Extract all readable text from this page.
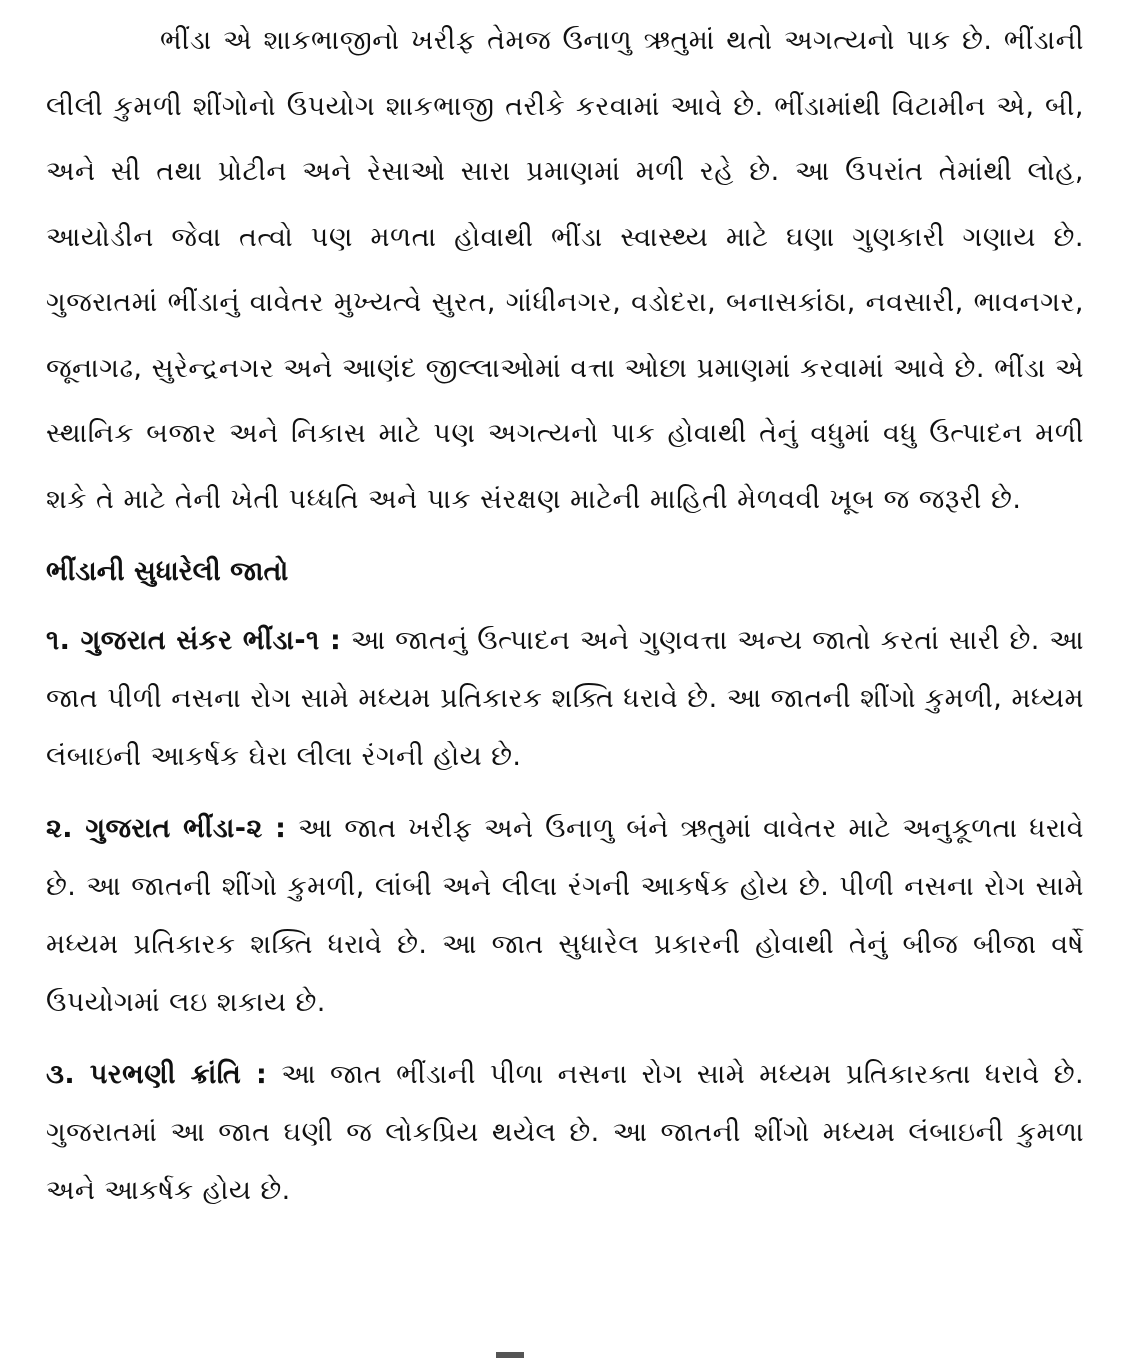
ભીંડા એ શાકભાજીનો ખરીફ તેમજ ઉનાળુ ઋતુમાં થતો અગત્યનો પાક છે. ભીંડાની લીલી કુમળી શીંગોનો ઉપયોગ શાકભાજી તરીકે કરવામાં આવે છે. ભીંડામાંથી વિટામીન એ, બી, અને સી તથા પ્રોટીન અને રેસાઓ સારા પ્રમાણમાં મળી રહે છે. આ ઉપરાંત તેમાંથી લોહ, આયોડીન જેવા તત્વો પણ મળતા હોવાથી ભીંડા સ્વાસ્થ્ય માટે ઘણા ગુણકારી ગણાય છે. ગુજરાતમાં ભીંડાનું વાવેતર મુખ્યત્વે સુરત, ગાંધીનગર, વડોદરા, બનાસકાંઠા, નવસારી, ભાવનગર, જૂનાગઢ, સુરેન્દ્રનગર અને આણંદ જીલ્લાઓમાં વત્તા ઓછા પ્રમાણમાં કરવામાં આવે છે. ભીંડા એ સ્થાનિક બજાર અને નિકાસ માટે પણ અગત્યનો પાક હોવાથી તેનું વધુમાં વધુ ઉત્પાદન મળી શકે તે માટે તેની ખેતી પધ્ધતિ અને પાક સંરક્ષણ માટેની માહિતી મેળવવી ખૂબ જ જરૂરી છે.

ભીંડાની સુધારેલી જાતો

૧. ગુજરાત સંકર ભીંડા-૧ : આ જાતનું ઉત્પાદન અને ગુણવત્તા અન્ય જાતો કરતાં સારી છે. આ જાત પીળી નસના રોગ સામે મધ્યમ પ્રતિકારક શક્તિ ધરાવે છે. આ જાતની શીંગો કુમળી, મધ્યમ લંબાઇની આકર્ષક ઘેરા લીલા રંગની હોય છે.

૨. ગુજરાત ભીંડા-૨ : આ જાત ખરીફ અને ઉનાળુ બંને ઋતુમાં વાવેતર માટે અનુકૂળતા ધરાવે છે. આ જાતની શીંગો કુમળી, લાંબી અને લીલા રંગની આકર્ષક હોય છે. પીળી નસના રોગ સામે મધ્યમ પ્રતિકારક શક્તિ ધરાવે છે. આ જાત સુધારેલ પ્રકારની હોવાથી તેનું બીજ બીજા વર્ષે ઉપયોગમાં લઇ શકાય છે.

૩. પરભણી ક્રાંતિ : આ જાત ભીંડાની પીળા નસના રોગ સામે મધ્યમ પ્રતિકારક્તા ધરાવે છે. ગુજરાતમાં આ જાત ઘણી જ લોકપ્રિય થયેલ છે. આ જાતની શીંગો મધ્યમ લંબાઇની કુમળા અને આકર્ષક હોય છે.
